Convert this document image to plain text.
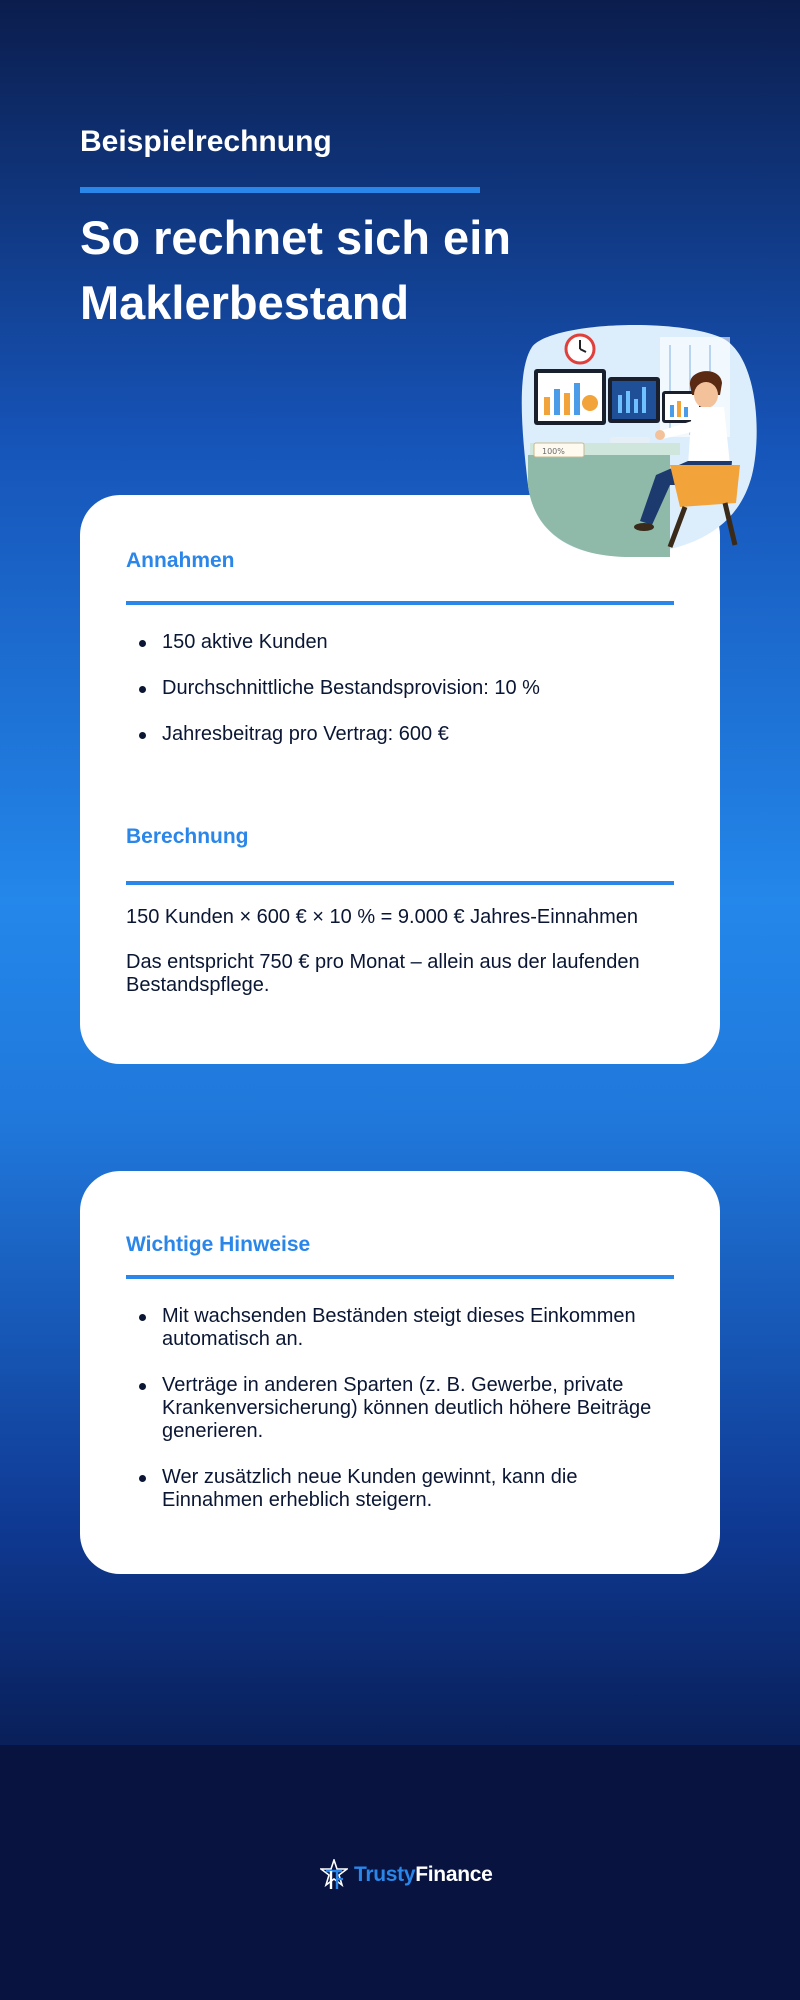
Beispielrechnung
So rechnet sich ein Maklerbestand
Annahmen
150 aktive Kunden
Durchschnittliche Bestandsprovision: 10 %
Jahresbeitrag pro Vertrag: 600 €
Berechnung
150 Kunden × 600 € × 10 % = 9.000 € Jahres-Einnahmen
Das entspricht 750 € pro Monat – allein aus der laufenden Bestandspflege.
100%
Wichtige Hinweise
Mit wachsenden Beständen steigt dieses Einkommen automatisch an.
Verträge in anderen Sparten (z. B. Gewerbe, private Krankenversicherung) können deutlich höhere Beiträge generieren.
Wer zusätzlich neue Kunden gewinnt, kann die Einnahmen erheblich steigern.
TrustyFinance
